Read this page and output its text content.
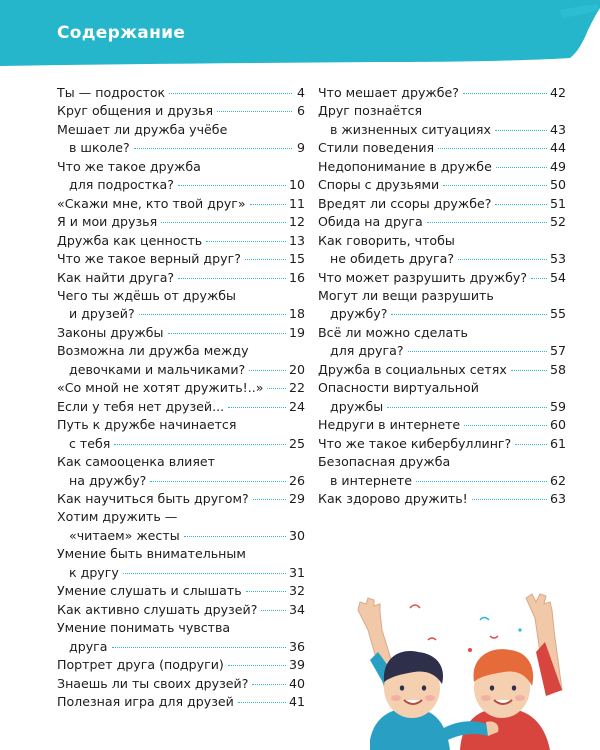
Содержание
Ты — подросток	4
Круг общения и друзья	6
Мешает ли дружба учёбе
в школе?	9
Что же такое дружба
для подростка?	10
«Скажи мне, кто твой друг»	11
Я и мои друзья	12
Дружба как ценность	13
Что же такое верный друг?	15
Как найти друга?	16
Чего ты ждёшь от дружбы
и друзей?	18
Законы дружбы	19
Возможна ли дружба между
девочками и мальчиками?	20
«Со мной не хотят дружить!..» 22
Если у тебя нет друзей...	24
Путь к дружбе начинается
с тебя	25
Как самооценка влияет
на дружбу?	26
Как научиться быть другом?	29
Хотим дружить —
«читаем» жесты	30
Умение быть внимательным
к другу	31
Умение слушать и слышать	32
Как активно слушать друзей?	34
Умение понимать чувства
друга	36
Портрет друга (подруги)	39
Знаешь ли ты своих друзей?	40
Полезная игра для друзей	41
Что мешает дружбе?	42
Друг познаётся
в жизненных ситуациях	43
Стили поведения	44
Недопонимание в дружбе	49
Споры с друзьями	50
Вредят ли ссоры дружбе?	51
Обида на друга	52
Как говорить, чтобы
не обидеть друга?	53
Что может разрушить дружбу? 54
Могут ли вещи разрушить
дружбу?	55
Всё ли можно сделать
для друга?	57
Дружба в социальных сетях	58
Опасности виртуальной
дружбы	59
Недруги в интернете	60
Что же такое кибербуллинг?	61
Безопасная дружба
в интернете	62
Как здорово дружить!	63
